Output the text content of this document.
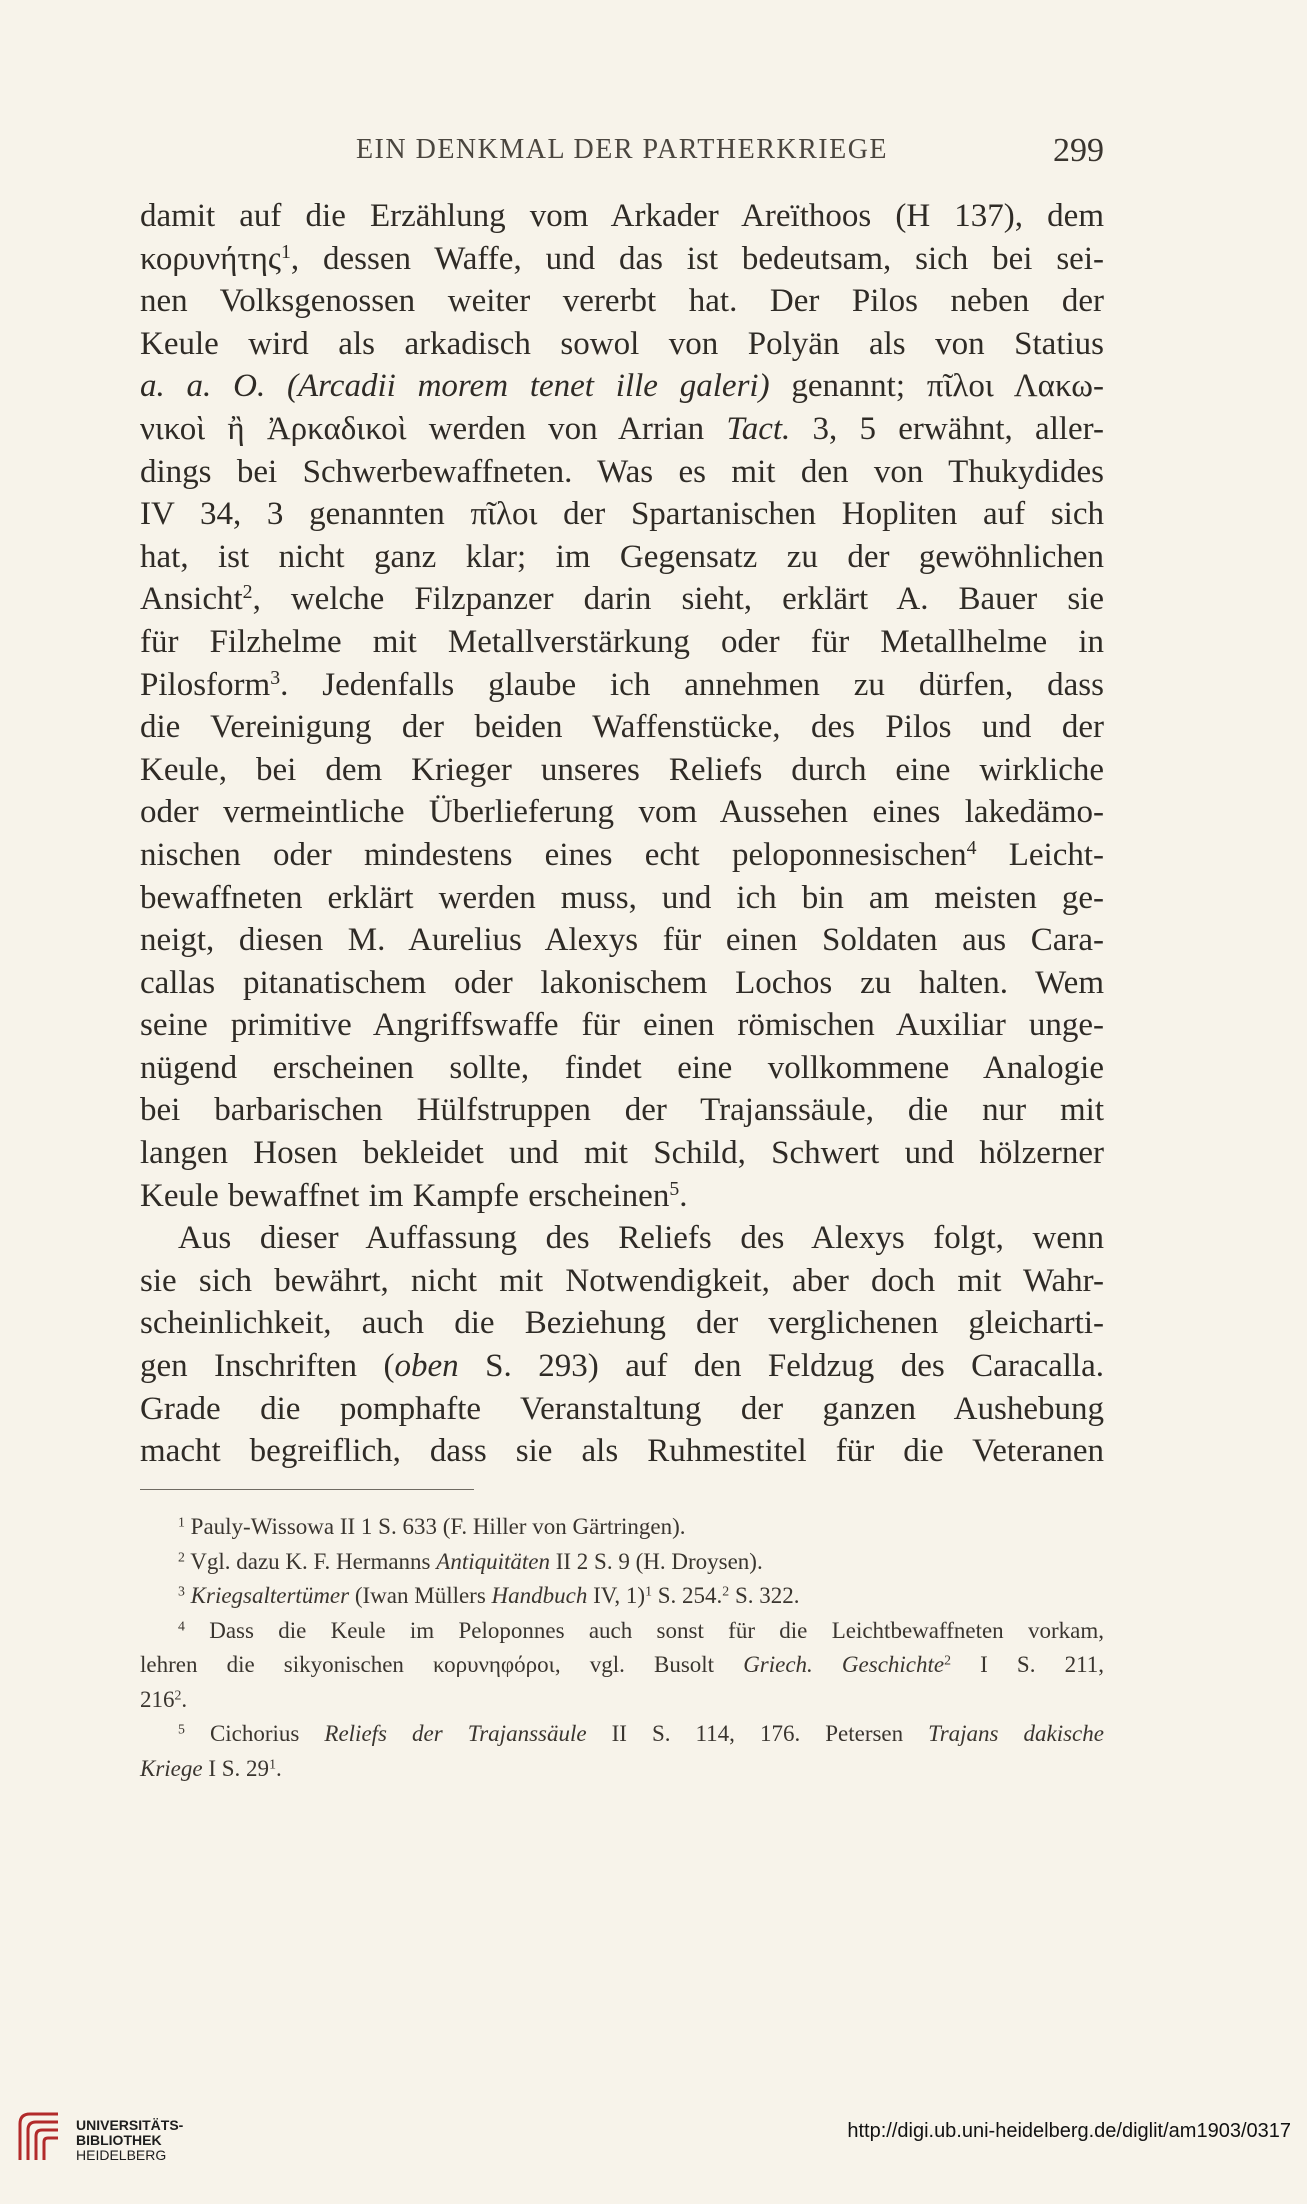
EIN DENKMAL DER PARTHERKRIEGE	299
damit auf die Erzählung vom Arkader Areïthoos (H 137), dem
κορυνήτης$^1$, dessen Waffe, und das ist bedeutsam, sich bei sei-
nen Volksgenossen weiter vererbt hat. Der Pilos neben der
Keule wird als arkadisch sowol von Polyän als von Statius
a. a. O. (Arcadii morem tenet ille galeri) genannt; πῖλοι Λακω-
νικοὶ ἢ Ἀρκαδικοὶ werden von Arrian Tact. 3, 5 erwähnt, aller-
dings bei Schwerbewaffneten. Was es mit den von Thukydides
IV 34, 3 genannten πῖλοι der Spartanischen Hopliten auf sich
hat, ist nicht ganz klar; im Gegensatz zu der gewöhnlichen
Ansicht$^2$, welche Filzpanzer darin sieht, erklärt A. Bauer sie
für Filzhelme mit Metallverstärkung oder für Metallhelme in
Pilosform$^3$. Jedenfalls glaube ich annehmen zu dürfen, dass
die Vereinigung der beiden Waffenstücke, des Pilos und der
Keule, bei dem Krieger unseres Reliefs durch eine wirkliche
oder vermeintliche Überlieferung vom Aussehen eines lakedämo-
nischen oder mindestens eines echt peloponnesischen$^4$ Leicht-
bewaffneten erklärt werden muss, und ich bin am meisten ge-
neigt, diesen M. Aurelius Alexys für einen Soldaten aus Cara-
callas pitanatischem oder lakonischem Lochos zu halten. Wem
seine primitive Angriffswaffe für einen römischen Auxiliar unge-
nügend erscheinen sollte, findet eine vollkommene Analogie
bei barbarischen Hülfstruppen der Trajanssäule, die nur mit
langen Hosen bekleidet und mit Schild, Schwert und hölzerner
Keule bewaffnet im Kampfe erscheinen$^5$.
Aus dieser Auffassung des Reliefs des Alexys folgt, wenn
sie sich bewährt, nicht mit Notwendigkeit, aber doch mit Wahr-
scheinlichkeit, auch die Beziehung der verglichenen gleicharti-
gen Inschriften (oben S. 293) auf den Feldzug des Caracalla.
Grade die pomphafte Veranstaltung der ganzen Aushebung
macht begreiflich, dass sie als Ruhmestitel für die Veteranen
$^1$ Pauly-Wissowa II 1 S. 633 (F. Hiller von Gärtringen).
$^2$ Vgl. dazu K. F. Hermanns Antiquitäten II 2 S. 9 (H. Droysen).
$^3$ Kriegsaltertümer (Iwan Müllers Handbuch IV, 1)$^1$ S. 254.$^2$ S. 322.
$^4$ Dass die Keule im Peloponnes auch sonst für die Leichtbewaffneten vorkam,
lehren die sikyonischen κορυνηφόροι, vgl. Busolt Griech. Geschichte$^2$ I S. 211,
$216^2$.
$^5$ Cichorius Reliefs der Trajanssäule II S. 114, 176. Petersen Trajans dakische
Kriege I S. $29^1$.
UNIVERSITÄTS-
BIBLIOTHEK
HEIDELBERG
http://digi.ub.uni-heidelberg.de/diglit/am1903/0317
